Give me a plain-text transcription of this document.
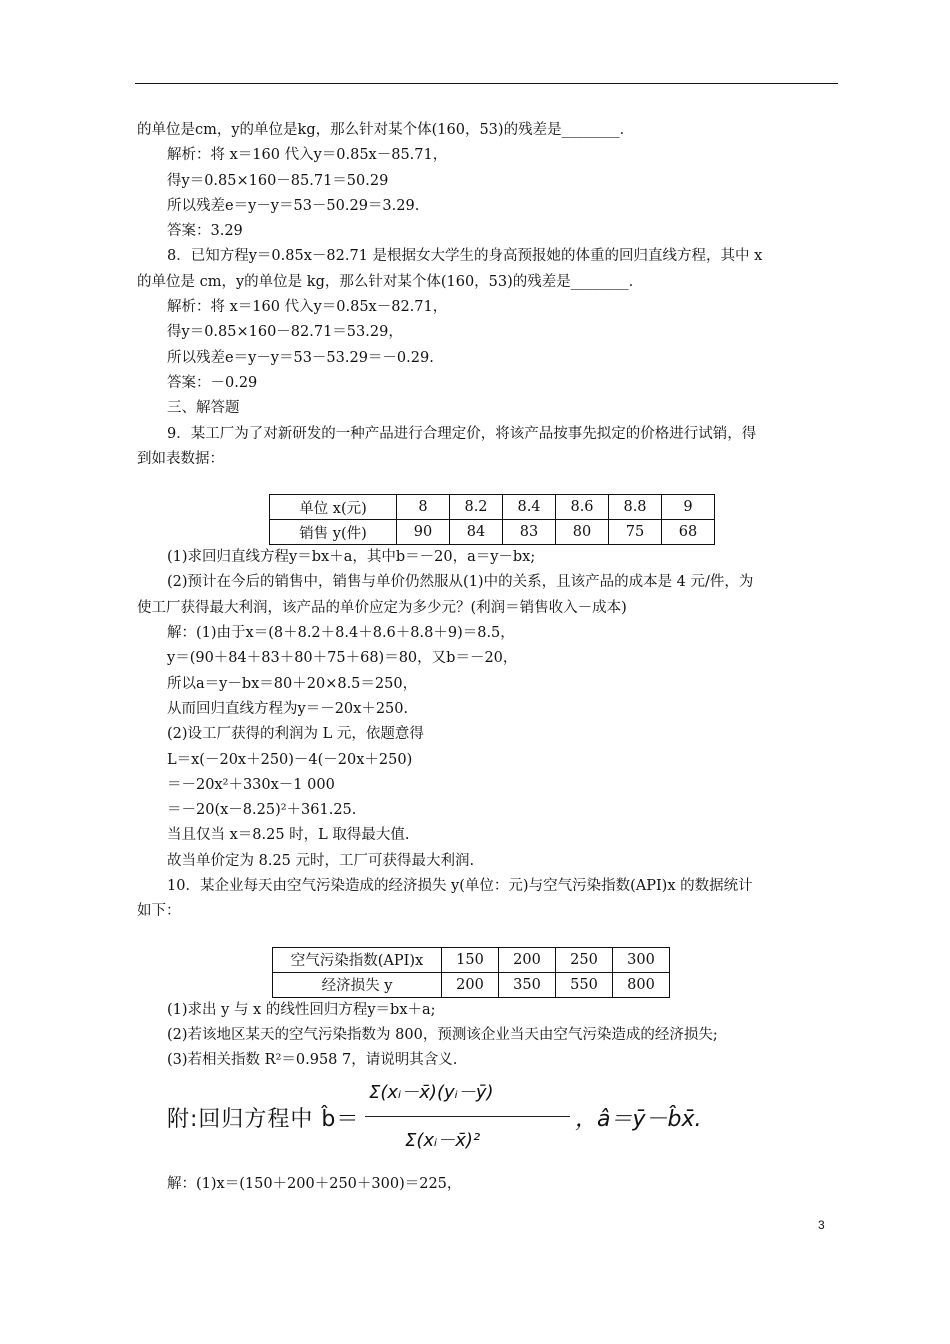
的单位是cm，y的单位是kg，那么针对某个体(160，53)的残差是________．
解析：将 x＝160 代入y＝0.85x－85.71，
得y＝0.85×160－85.71＝50.29
所以残差e＝y－y＝53－50.29＝3.29.
答案：3.29
8．已知方程y＝0.85x－82.71 是根据女大学生的身高预报她的体重的回归直线方程，其中 x
的单位是 cm，y的单位是 kg，那么针对某个体(160，53)的残差是________．
解析：将 x＝160 代入y＝0.85x－82.71，
得y＝0.85×160－82.71＝53.29，
所以残差e＝y－y＝53－53.29＝－0.29.
答案：－0.29
三、解答题
9．某工厂为了对新研发的一种产品进行合理定价，将该产品按事先拟定的价格进行试销，得
到如表数据：
单位 x(元)	8	8.2	8.4	8.6	8.8	9
销售 y(件)	90	84	83	80	75	68
(1)求回归直线方程y＝bx＋a，其中b＝－20，a＝y－bx;
(2)预计在今后的销售中，销售与单价仍然服从(1)中的关系，且该产品的成本是 4 元/件，为
使工厂获得最大利润，该产品的单价应定为多少元？(利润＝销售收入－成本)
解：(1)由于x＝(8＋8.2＋8.4＋8.6＋8.8＋9)＝8.5，
y＝(90＋84＋83＋80＋75＋68)＝80，又b＝－20，
所以a＝y－bx＝80＋20×8.5＝250，
从而回归直线方程为y＝－20x＋250.
(2)设工厂获得的利润为 L 元，依题意得
L＝x(－20x＋250)－4(－20x＋250)
＝－20x²＋330x－1 000
＝－20(x－8.25)²＋361.25.
当且仅当 x＝8.25 时，L 取得最大值.
故当单价定为 8.25 元时，工厂可获得最大利润.
10．某企业每天由空气污染造成的经济损失 y(单位：元)与空气污染指数(API)x 的数据统计
如下：
空气污染指数(API)x	150	200	250	300
经济损失 y	200	350	550	800
(1)求出 y 与 x 的线性回归方程y＝bx＋a;
(2)若该地区某天的空气污染指数为 800，预测该企业当天由空气污染造成的经济损失;
(3)若相关指数 R²＝0.958 7，请说明其含义.
附:回归方程中 b̂＝
Σ(xᵢ－x̄)(yᵢ－ȳ)
Σ(xᵢ－x̄)²
，â＝ȳ－b̂x̄.
解：(1)x＝(150＋200＋250＋300)＝225，
3
